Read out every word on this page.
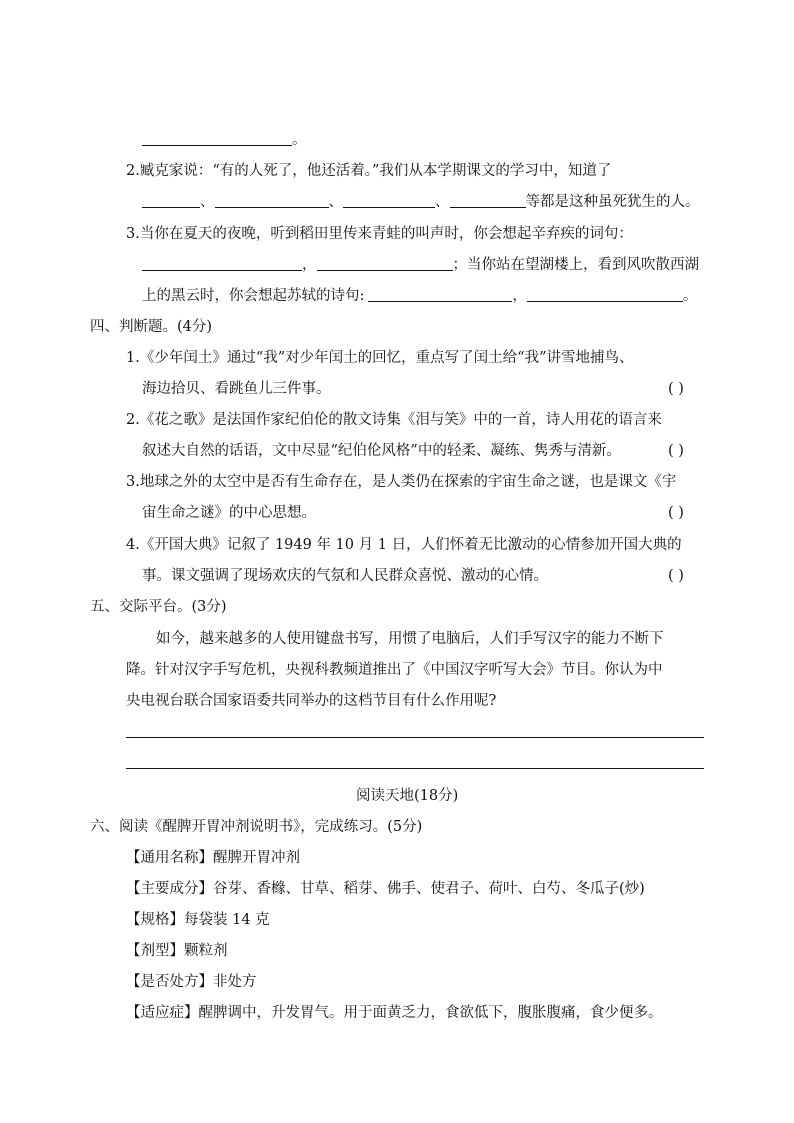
。
2.臧克家说：“有的人死了，他还活着。”我们从本学期课文的学习中，知道了
、	、	、	等都是这种虽死犹生的人。
3.当你在夏天的夜晚，听到稻田里传来青蛙的叫声时，你会想起辛弃疾的词句：
，	；当你站在望湖楼上，看到风吹散西湖
上的黑云时，你会想起苏轼的诗句:	，	。
四、判断题。(4分)
1.《少年闰土》通过“我”对少年闰土的回忆，重点写了闰土给“我”讲雪地捕鸟、
海边拾贝、看跳鱼儿三件事。	( )
2.《花之歌》是法国作家纪伯伦的散文诗集《泪与笑》中的一首，诗人用花的语言来
叙述大自然的话语，文中尽显“纪伯伦风格”中的轻柔、凝练、隽秀与清新。	( )
3.地球之外的太空中是否有生命存在，是人类仍在探索的宇宙生命之谜，也是课文《宇
宙生命之谜》的中心思想。	( )
4.《开国大典》记叙了 1949 年 10 月 1 日，人们怀着无比激动的心情参加开国大典的
事。课文强调了现场欢庆的气氛和人民群众喜悦、激动的心情。	( )
五、交际平台。(3分)
如今，越来越多的人使用键盘书写，用惯了电脑后，人们手写汉字的能力不断下
降。针对汉字手写危机，央视科教频道推出了《中国汉字听写大会》节目。你认为中
央电视台联合国家语委共同举办的这档节目有什么作用呢?
阅读天地(18分)
六、阅读《醒脾开胃冲剂说明书》，完成练习。(5分)
【通用名称】醒脾开胃冲剂
【主要成分】谷芽、香橼、甘草、稻芽、佛手、使君子、荷叶、白芍、冬瓜子(炒)
【规格】每袋装 14 克
【剂型】颗粒剂
【是否处方】非处方
【适应症】醒脾调中，升发胃气。用于面黄乏力，食欲低下，腹胀腹痛，食少便多。
